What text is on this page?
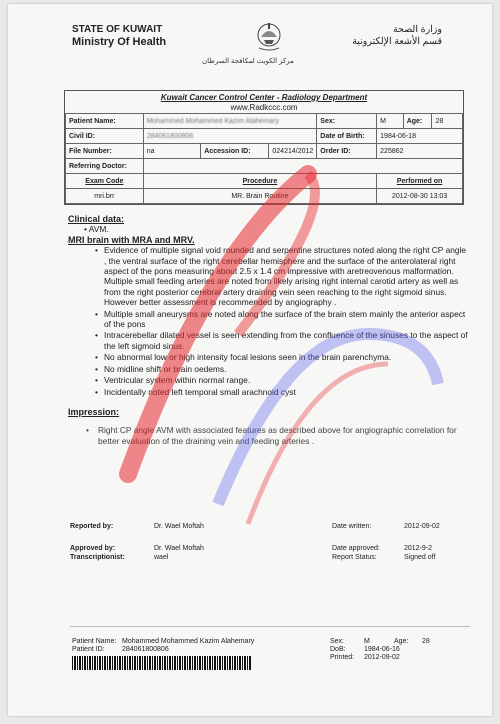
STATE OF KUWAIT
Ministry Of Health
وزارة الصحة
قسم الأشعة الإلكترونية
مركز الكويت لمكافحة السرطان
Kuwait Cancer Control Center - Radiology Department
www.Radkccc.com
Patient Name:	Mohammed Mohammed Kazim Alahemary			Sex:	M	Age:	28
Civil ID:	284061800806			Date of Birth:	1984-06-18		
File Number:	na	Accession ID:	024214/2012	Order ID:	225862		
Referring Doctor:							
Exam Code	Procedure				Performed on		
mri.brr	MR. Brain Routine				2012-08-30 13:03		
Clinical data:
• AVM.
MRI brain with MRA and MRV.
• Evidence of multiple signal void rounded and serpentine structures noted along the right CP angle , the ventral surface of the right cerebellar hemisphere and the surface of the anterolateral right aspect of the pons measuring about 2.5 x 1.4 cm impressive with aretreovenous malformation. Multiple small feeding arteries are noted from likely arising right internal carotid artery as well as from the right posterior cerebral artery draining vein seen reaching to the right sigmoid sinus. However better assessment is recommended by angiography .
• Multiple small aneurysms are noted along the surface of the brain stem mainly the anterior aspect of the pons
• Intracerebellar dilated vessel is seen extending from the confluence of the sinuses to the aspect of the left sigmoid sinus.
• No abnormal low or high intensity focal lesions seen in the brain parenchyma.
• No midline shift or brain oedems.
• Ventricular system within normal range.
• Incidentally noted left temporal small arachnoid cyst
Impression:
• Right CP angle AVM with associated features as described above for angiographic correlation for better evaluation of the draining vein and feeding arteries .
Reported by:	Dr. Wael Moftah	Date written:	2012-09-02
Approved by:	Dr. Wael Moftah	Date approved:	2012-9-2
Transcriptionist:	wael	Report Status:	Signed off
Patient Name: Mohammed Mohammed Kazim Alahemary	Sex:	M	Age: 28
Patient ID: 284061800806	DoB:	1984-06-16
Printed: 2012-09-02
